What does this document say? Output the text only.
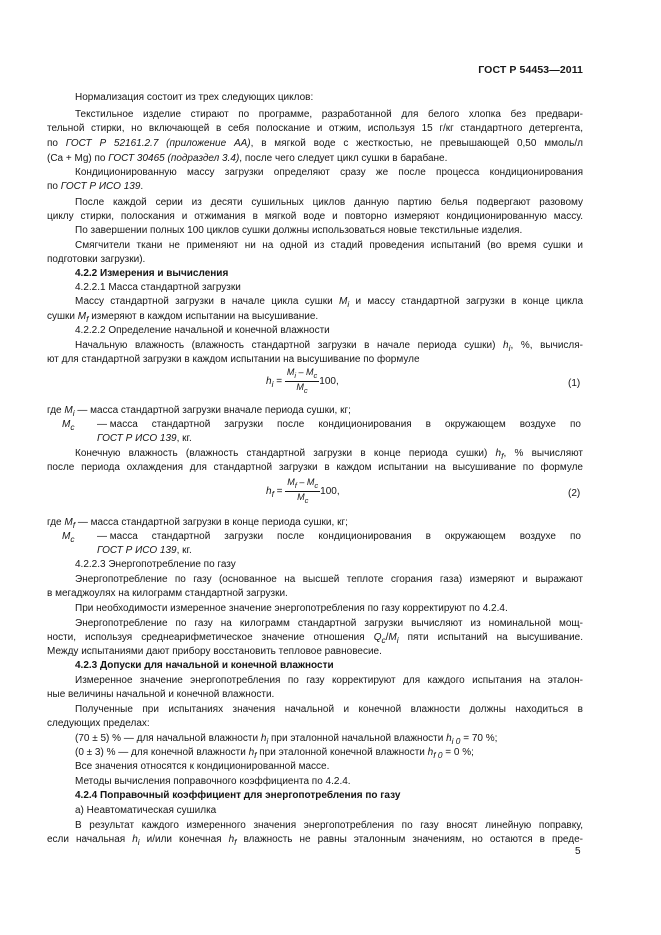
ГОСТ Р 54453—2011
Нормализация состоит из трех следующих циклов:
Текстильное изделие стирают по программе, разработанной для белого хлопка без предвари-
тельной стирки, но включающей в себя полоскание и отжим, используя 15 г/кг стандартного детергента,
по ГОСТ Р 52161.2.7 (приложение АА), в мягкой воде с жесткостью, не превышающей 0,50 ммоль/л
(Ca + Mg) по ГОСТ 30465 (подраздел 3.4), после чего следует цикл сушки в барабане.
Кондиционированную массу загрузки определяют сразу же после процесса кондиционирования
по ГОСТ Р ИСО 139.
После каждой серии из десяти сушильных циклов данную партию белья подвергают разовому
циклу стирки, полоскания и отжимания в мягкой воде и повторно измеряют кондиционированную массу.
По завершении полных 100 циклов сушки должны использоваться новые текстильные изделия.
Смягчители ткани не применяют ни на одной из стадий проведения испытаний (во время сушки и
подготовки загрузки).
4.2.2 Измерения и вычисления
4.2.2.1 Масса стандартной загрузки
Массу стандартной загрузки в начале цикла сушки $M_i$ и массу стандартной загрузки в конце цикла
сушки $M_f$ измеряют в каждом испытании на высушивание.
4.2.2.2 Определение начальной и конечной влажности
Начальную влажность (влажность стандартной загрузки в начале периода сушки) $h_i$, %, вычисля-
ют для стандартной загрузки в каждом испытании на высушивание по формуле
$h_i = \frac{M_i - M_c}{M_c} 100$,	(1)
где $M_i$ — масса стандартной загрузки вначале периода сушки, кг;
$M_c$ — масса стандартной загрузки после кондиционирования в окружающем воздухе по
ГОСТ Р ИСО 139, кг.
Конечную влажность (влажность стандартной загрузки в конце периода сушки) $h_f$, % вычисляют
после периода охлаждения для стандартной загрузки в каждом испытании на высушивание по формуле
$h_f = \frac{M_f - M_c}{M_c} 100$,	(2)
где $M_f$ — масса стандартной загрузки в конце периода сушки, кг;
$M_c$ — масса стандартной загрузки после кондиционирования в окружающем воздухе по
ГОСТ Р ИСО 139, кг.
4.2.2.3 Энергопотребление по газу
Энергопотребление по газу (основанное на высшей теплоте сгорания газа) измеряют и выражают
в мегаджоулях на килограмм стандартной загрузки.
При необходимости измеренное значение энергопотребления по газу корректируют по 4.2.4.
Энергопотребление по газу на килограмм стандартной загрузки вычисляют из номинальной мощ-
ности, используя среднеарифметическое значение отношения $Q_c/M_i$ пяти испытаний на высушивание.
Между испытаниями дают прибору восстановить тепловое равновесие.
4.2.3 Допуски для начальной и конечной влажности
Измеренное значение энергопотребления по газу корректируют для каждого испытания на эталон-
ные величины начальной и конечной влажности.
Полученные при испытаниях значения начальной и конечной влажности должны находиться в
следующих пределах:
(70 ± 5) % — для начальной влажности $h_i$ при эталонной начальной влажности $h_{i 0} = 70$ %;
(0 ± 3) % — для конечной влажности $h_f$ при эталонной конечной влажности $h_{f 0} = 0$ %;
Все значения относятся к кондиционированной массе.
Методы вычисления поправочного коэффициента по 4.2.4.
4.2.4 Поправочный коэффициент для энергопотребления по газу
а) Неавтоматическая сушилка
В результат каждого измеренного значения энергопотребления по газу вносят линейную поправку,
если начальная $h_i$ и/или конечная $h_f$ влажность не равны эталонным значениям, но остаются в преде-
5
